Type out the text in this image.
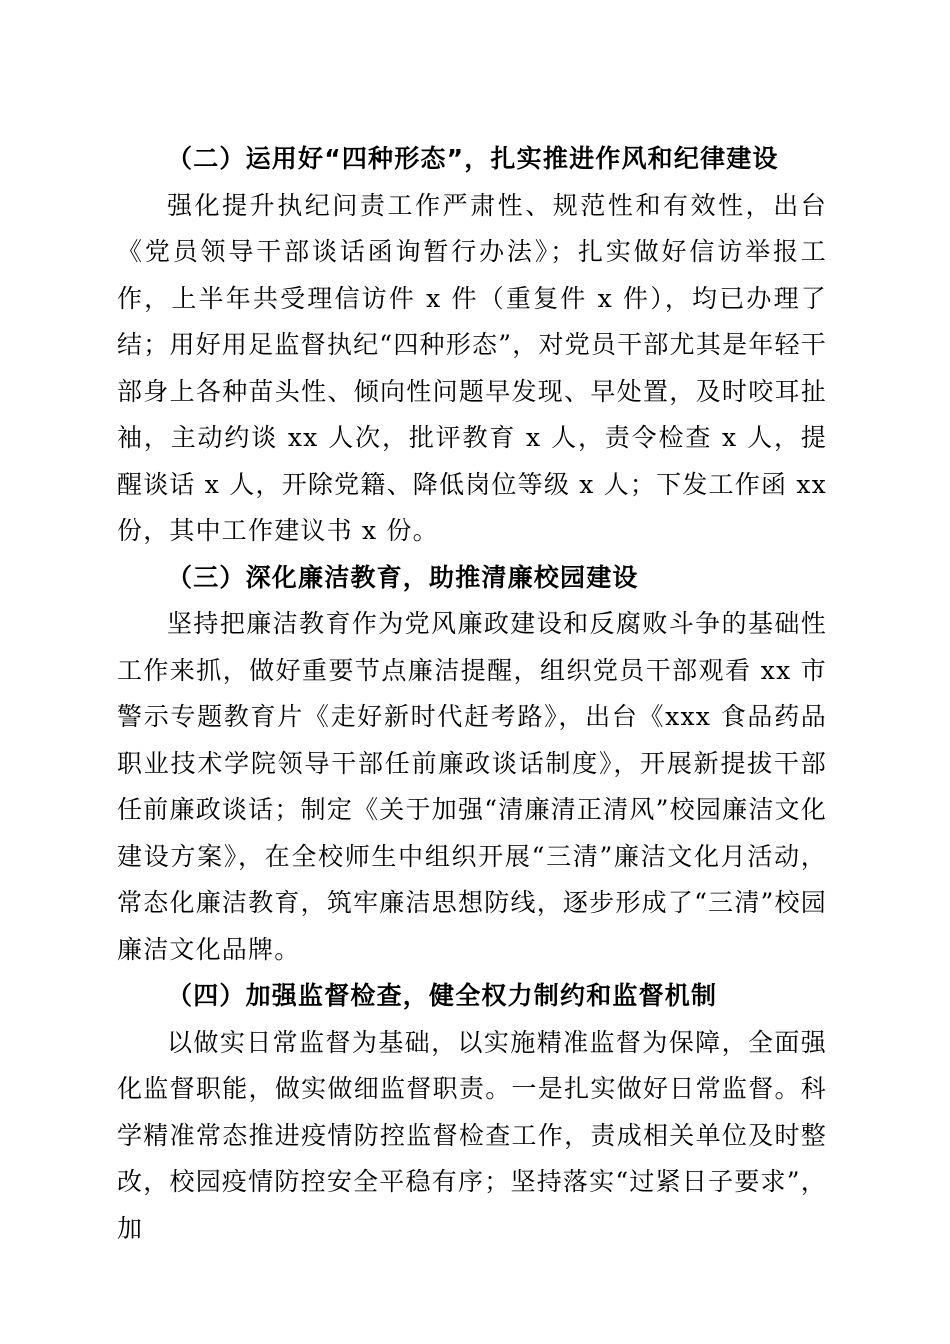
（二）运用好“四种形态”，扎实推进作风和纪律建设

强化提升执纪问责工作严肃性、规范性和有效性，出台《党员领导干部谈话函询暂行办法》；扎实做好信访举报工作，上半年共受理信访件 x 件（重复件 x 件），均已办理了结；用好用足监督执纪“四种形态”，对党员干部尤其是年轻干部身上各种苗头性、倾向性问题早发现、早处置，及时咬耳扯袖，主动约谈 xx 人次，批评教育 x 人，责令检查 x 人，提醒谈话 x 人，开除党籍、降低岗位等级 x 人；下发工作函 xx 份，其中工作建议书 x 份。

（三）深化廉洁教育，助推清廉校园建设

坚持把廉洁教育作为党风廉政建设和反腐败斗争的基础性工作来抓，做好重要节点廉洁提醒，组织党员干部观看 xx 市警示专题教育片《走好新时代赶考路》，出台《xxx 食品药品职业技术学院领导干部任前廉政谈话制度》，开展新提拔干部任前廉政谈话；制定《关于加强“清廉清正清风”校园廉洁文化建设方案》，在全校师生中组织开展“三清”廉洁文化月活动，常态化廉洁教育，筑牢廉洁思想防线，逐步形成了“三清”校园廉洁文化品牌。

（四）加强监督检查，健全权力制约和监督机制

以做实日常监督为基础，以实施精准监督为保障，全面强化监督职能，做实做细监督职责。一是扎实做好日常监督。科学精准常态推进疫情防控监督检查工作，责成相关单位及时整改，校园疫情防控安全平稳有序；坚持落实“过紧日子要求”，加
